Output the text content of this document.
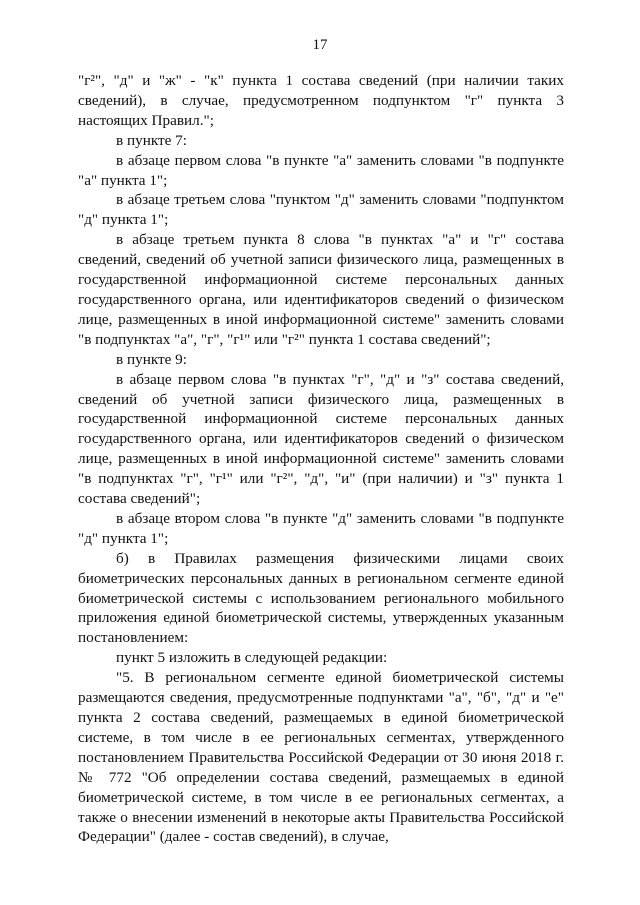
17

"г²", "д" и "ж" - "к" пункта 1 состава сведений (при наличии таких сведений), в случае, предусмотренном подпунктом "г" пункта 3 настоящих Правил.";

в пункте 7:

в абзаце первом слова "в пункте "а" заменить словами "в подпункте "а" пункта 1";

в абзаце третьем слова "пунктом "д" заменить словами "подпунктом "д" пункта 1";

в абзаце третьем пункта 8 слова "в пунктах "а" и "г" состава сведений, сведений об учетной записи физического лица, размещенных в государственной информационной системе персональных данных государственного органа, или идентификаторов сведений о физическом лице, размещенных в иной информационной системе" заменить словами "в подпунктах "а", "г", "г¹" или "г²" пункта 1 состава сведений";

в пункте 9:

в абзаце первом слова "в пунктах "г", "д" и "з" состава сведений, сведений об учетной записи физического лица, размещенных в государственной информационной системе персональных данных государственного органа, или идентификаторов сведений о физическом лице, размещенных в иной информационной системе" заменить словами "в подпунктах "г", "г¹" или "г²", "д", "и" (при наличии) и "з" пункта 1 состава сведений";

в абзаце втором слова "в пункте "д" заменить словами "в подпункте "д" пункта 1";

б) в Правилах размещения физическими лицами своих биометрических персональных данных в региональном сегменте единой биометрической системы с использованием регионального мобильного приложения единой биометрической системы, утвержденных указанным постановлением:

пункт 5 изложить в следующей редакции:

"5. В региональном сегменте единой биометрической системы размещаются сведения, предусмотренные подпунктами "а", "б", "д" и "е" пункта 2 состава сведений, размещаемых в единой биометрической системе, в том числе в ее региональных сегментах, утвержденного постановлением Правительства Российской Федерации от 30 июня 2018 г. № 772 "Об определении состава сведений, размещаемых в единой биометрической системе, в том числе в ее региональных сегментах, а также о внесении изменений в некоторые акты Правительства Российской Федерации" (далее - состав сведений), в случае,
